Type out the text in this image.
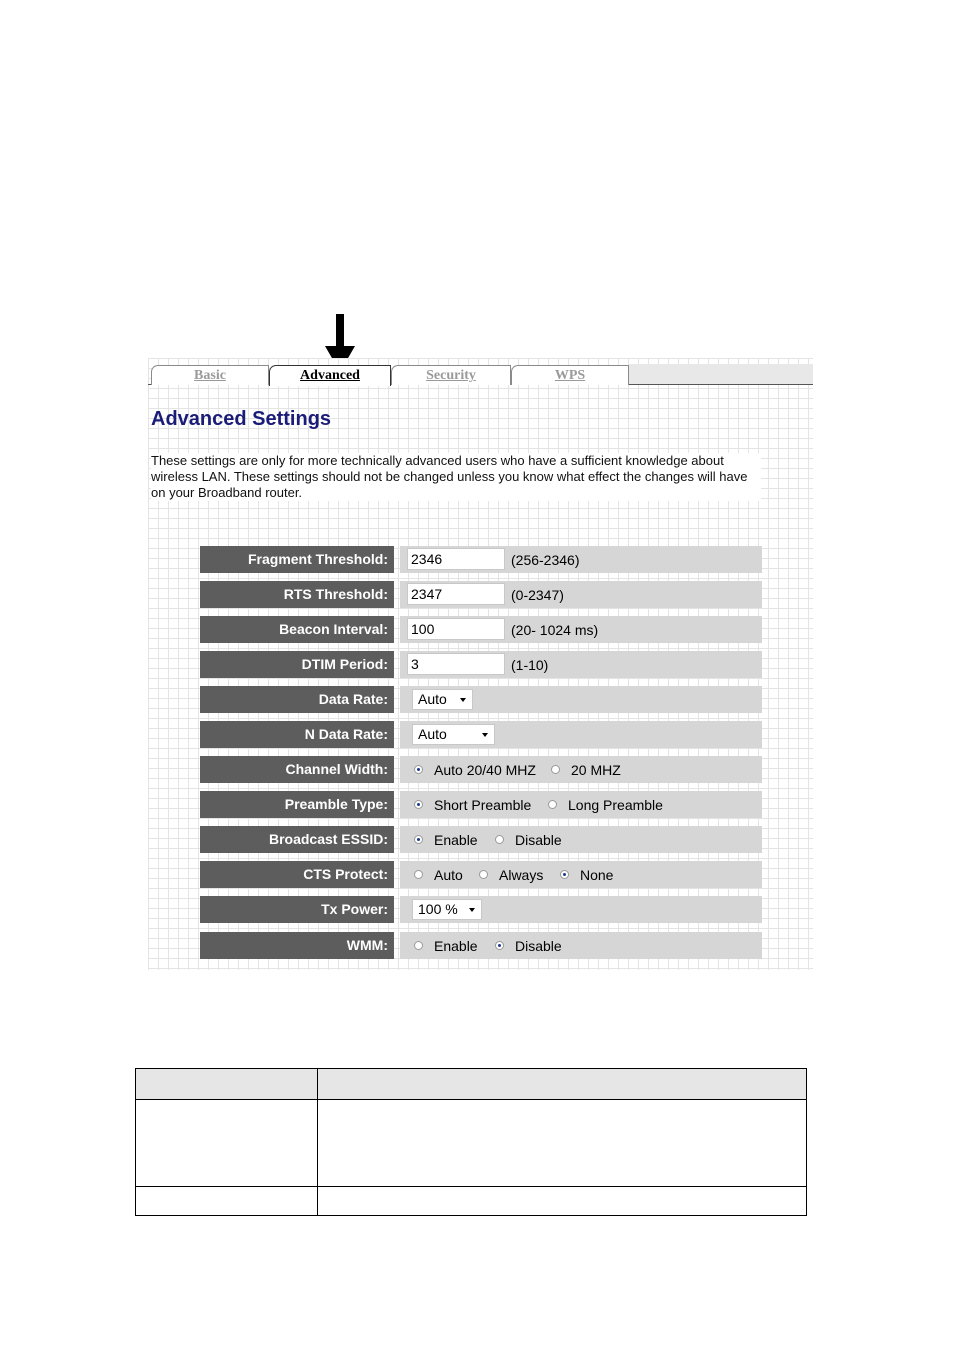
Basic	Advanced	Security	WPS
Advanced Settings
These settings are only for more technically advanced users who have a sufficient knowledge about wireless LAN. These settings should not be changed unless you know what effect the changes will have on your Broadband router.
Fragment Threshold:	2346	(256-2346)
RTS Threshold:	2347	(0-2347)
Beacon Interval:	100	(20- 1024 ms)
DTIM Period:	3	(1-10)
Data Rate:	Auto
N Data Rate:	Auto
Channel Width:	Auto 20/40 MHZ	20 MHZ
Preamble Type:	Short Preamble	Long Preamble
Broadcast ESSID:	Enable	Disable
CTS Protect:	Auto	Always	None
Tx Power:	100 %
WMM:	Enable	Disable
